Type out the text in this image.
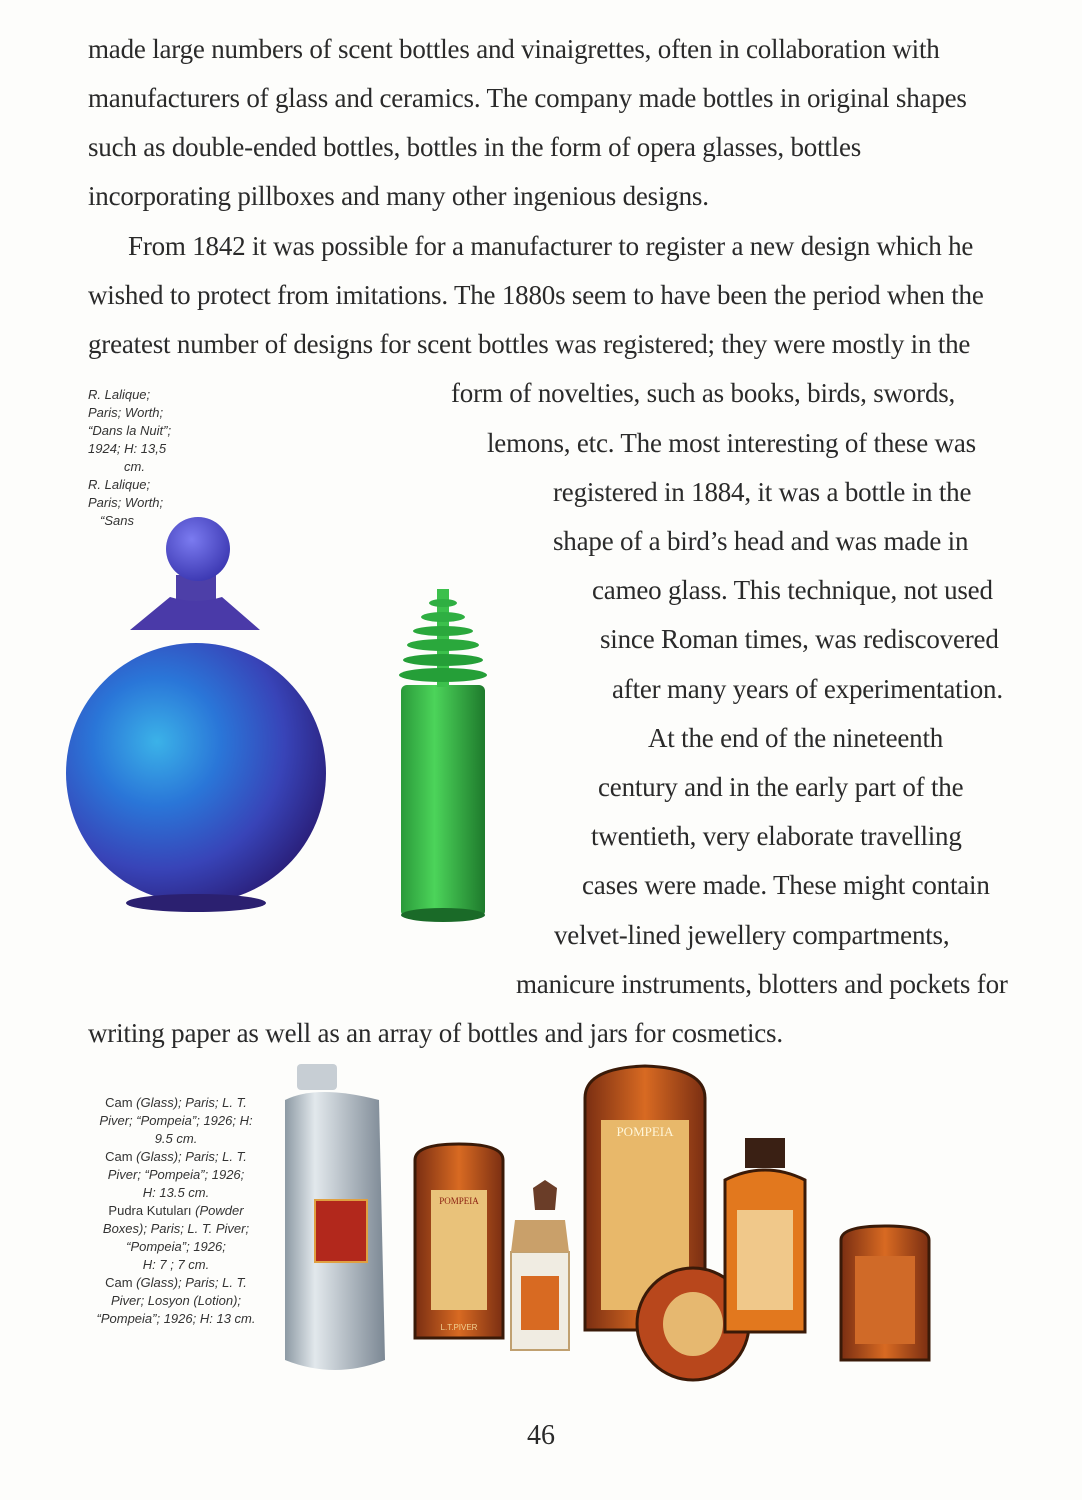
made large numbers of scent bottles and vinaigrettes, often in collaboration with
manufacturers of glass and ceramics. The company made bottles in original shapes
such as double-ended bottles, bottles in the form of opera glasses, bottles
incorporating pillboxes and many other ingenious designs.
From 1842 it was possible for a manufacturer to register a new design which he
wished to protect from imitations. The 1880s seem to have been the period when the
greatest number of designs for scent bottles was registered; they were mostly in the
form of novelties, such as books, birds, swords,
lemons, etc. The most interesting of these was
registered in 1884, it was a bottle in the
shape of a bird’s head and was made in
cameo glass. This technique, not used
since Roman times, was rediscovered
after many years of experimentation.
At the end of the nineteenth
century and in the early part of the
twentieth, very elaborate travelling
cases were made. These might contain
velvet-lined jewellery compartments,
manicure instruments, blotters and pockets for
writing paper as well as an array of bottles and jars for cosmetics.
R. Lalique;
Paris; Worth;
“Dans la Nuit”;
1924; H: 13,5
cm.
R. Lalique;
Paris; Worth;
“Sans
Cam (Glass); Paris; L. T.
Piver; “Pompeia”; 1926; H:
9.5 cm.
Cam (Glass); Paris; L. T.
Piver; “Pompeia”; 1926;
H: 13.5 cm.
Pudra Kutuları (Powder
Boxes); Paris; L. T. Piver;
“Pompeia”; 1926;
H: 7 ; 7 cm.
Cam (Glass); Paris; L. T.
Piver; Losyon (Lotion);
“Pompeia”; 1926; H: 13 cm.
POMPEIA
L.T.PIVER
POMPEIA
46
